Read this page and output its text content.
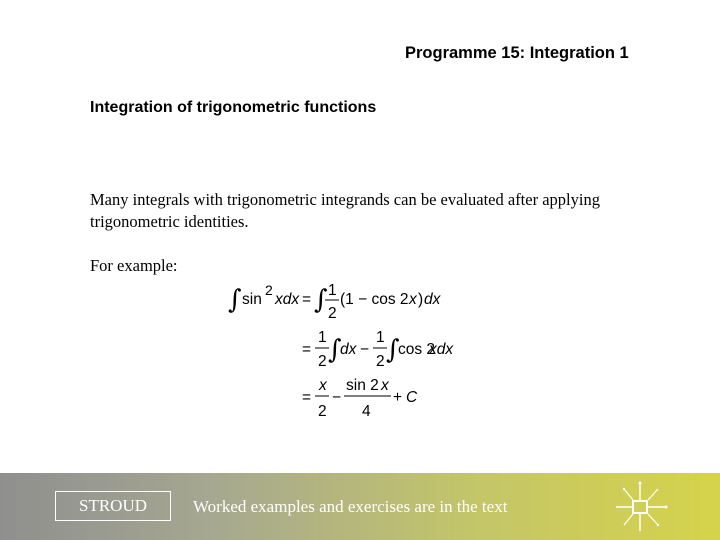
Programme 15: Integration 1
Integration of trigonometric functions
Many integrals with trigonometric integrands can be evaluated after applying trigonometric identities.
For example:
∫ sin
2
xdx = ∫ 1
2
(1 − cos 2 x ) dx
=
1
2 ∫
dx −
1
2 ∫
cos 2
xdx
=
x
2
−
sin 2 x
4
+ C
STROUD	Worked examples and exercises are in the text
